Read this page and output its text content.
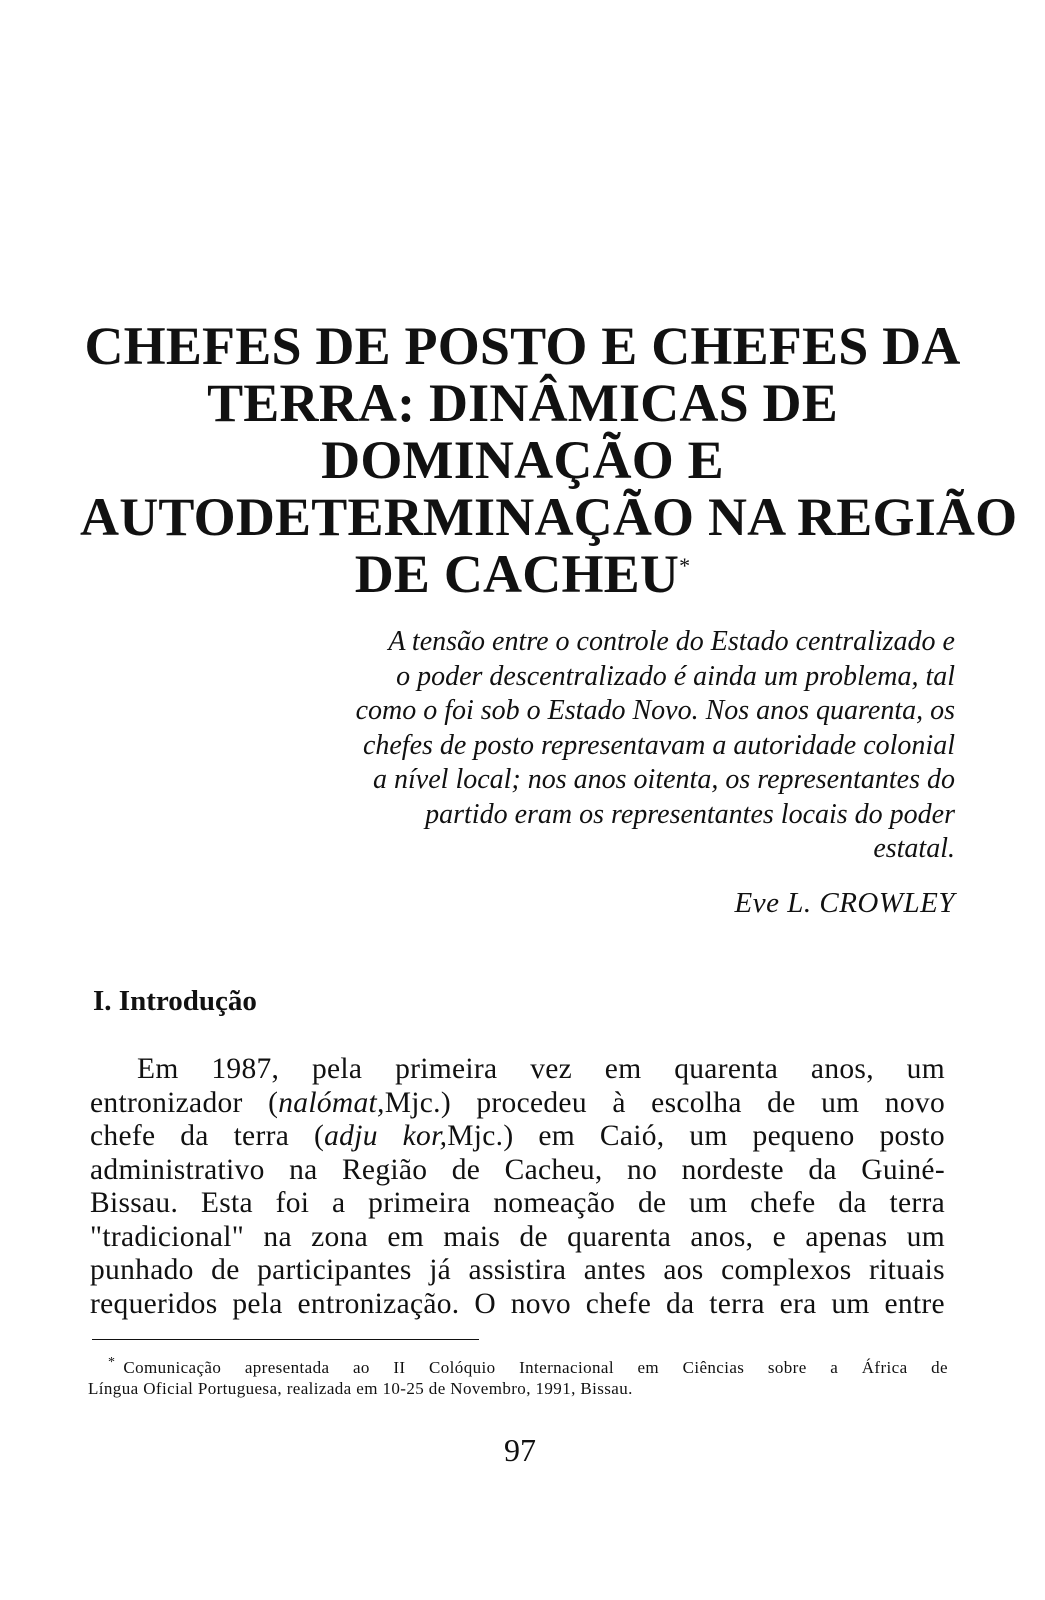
CHEFES DE POSTO E CHEFES DA
TERRA: DINÂMICAS DE
DOMINAÇÃO E
AUTODETERMINAÇÃO NA REGIÃO
DE CACHEU*
A tensão entre o controle do Estado centralizado e
o poder descentralizado é ainda um problema, tal
como o foi sob o Estado Novo. Nos anos quarenta, os
chefes de posto representavam a autoridade colonial
a nível local; nos anos oitenta, os representantes do
partido eram os representantes locais do poder
estatal.
Eve L. CROWLEY
I. Introdução
Em 1987, pela primeira vez em quarenta anos, um
entronizador (nalómat,Mjc.) procedeu à escolha de um novo
chefe da terra (adju kor,Mjc.) em Caió, um pequeno posto
administrativo na Região de Cacheu, no nordeste da Guiné-
Bissau. Esta foi a primeira nomeação de um chefe da terra
"tradicional" na zona em mais de quarenta anos, e apenas um
punhado de participantes já assistira antes aos complexos rituais
requeridos pela entronização. O novo chefe da terra era um entre
* Comunicação apresentada ao II Colóquio Internacional em Ciências sobre a África de
Língua Oficial Portuguesa, realizada em 10-25 de Novembro, 1991, Bissau.
97
